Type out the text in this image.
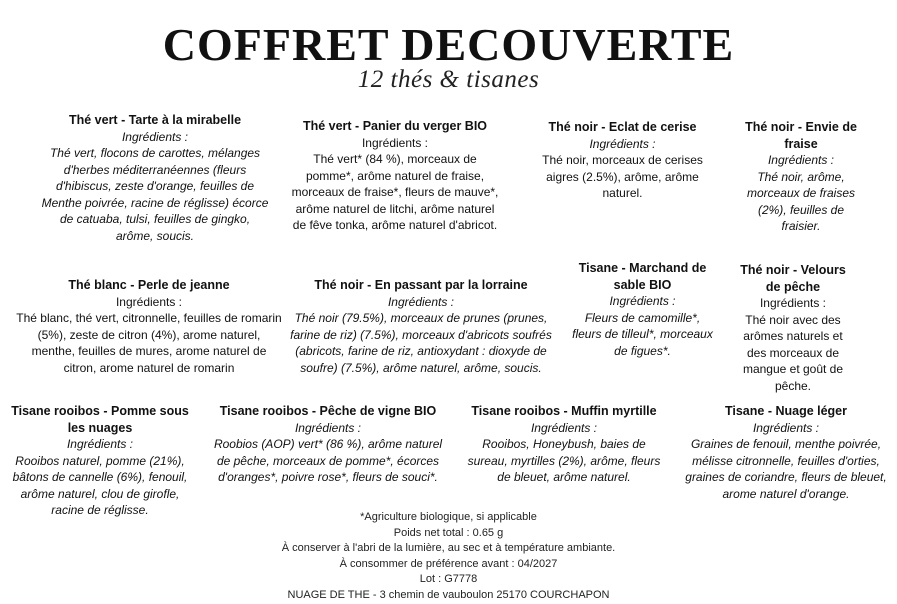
COFFRET DECOUVERTE
12 thés & tisanes
Thé vert - Tarte à la mirabelle
Ingrédients :
Thé vert, flocons de carottes, mélanges d'herbes méditerranéennes (fleurs d'hibiscus, zeste d'orange, feuilles de Menthe poivrée, racine de réglisse) écorce de catuaba, tulsi, feuilles de gingko, arôme, soucis.
Thé vert - Panier du verger BIO
Ingrédients :
Thé vert* (84 %), morceaux de pomme*, arôme naturel de fraise, morceaux de fraise*, fleurs de mauve*, arôme naturel de litchi, arôme naturel de fêve tonka, arôme naturel d'abricot.
Thé noir - Eclat de cerise
Ingrédients :
Thé noir, morceaux de cerises aigres (2.5%), arôme, arôme naturel.
Thé noir - Envie de fraise
Ingrédients :
Thé noir, arôme, morceaux de fraises (2%), feuilles de fraisier.
Thé blanc - Perle de jeanne
Ingrédients :
Thé blanc, thé vert, citronnelle, feuilles de romarin (5%), zeste de citron (4%), arome naturel, menthe, feuilles de mures, arome naturel de citron, arome naturel de romarin
Thé noir - En passant par la lorraine
Ingrédients :
Thé noir (79.5%), morceaux de prunes (prunes, farine de riz) (7.5%), morceaux d'abricots soufrés (abricots, farine de riz, antioxydant : dioxyde de soufre) (7.5%), arôme naturel, arôme, soucis.
Tisane - Marchand de sable BIO
Ingrédients :
Fleurs de camomille*, fleurs de tilleul*, morceaux de figues*.
Thé noir - Velours de pêche
Ingrédients :
Thé noir avec des arômes naturels et des morceaux de mangue et goût de pêche.
Tisane rooibos - Pomme sous les nuages
Ingrédients :
Rooibos naturel, pomme (21%), bâtons de cannelle (6%), fenouil, arôme naturel, clou de girofle, racine de réglisse.
Tisane rooibos - Pêche de vigne BIO
Ingrédients :
Roobios (AOP) vert* (86 %), arôme naturel de pêche, morceaux de pomme*, écorces d'oranges*, poivre rose*, fleurs de souci*.
Tisane rooibos - Muffin myrtille
Ingrédients :
Rooibos, Honeybush, baies de sureau, myrtilles (2%), arôme, fleurs de bleuet, arôme naturel.
Tisane - Nuage léger
Ingrédients :
Graines de fenouil, menthe poivrée, mélisse citronnelle, feuilles d'orties, graines de coriandre, fleurs de bleuet, arome naturel d'orange.
*Agriculture biologique, si applicable
Poids net total : 0.65 g
À conserver à l'abri de la lumière, au sec et à température ambiante.
À consommer de préférence avant : 04/2027
Lot : G7778
NUAGE DE THE - 3 chemin de vauboulon 25170 COURCHAPON
